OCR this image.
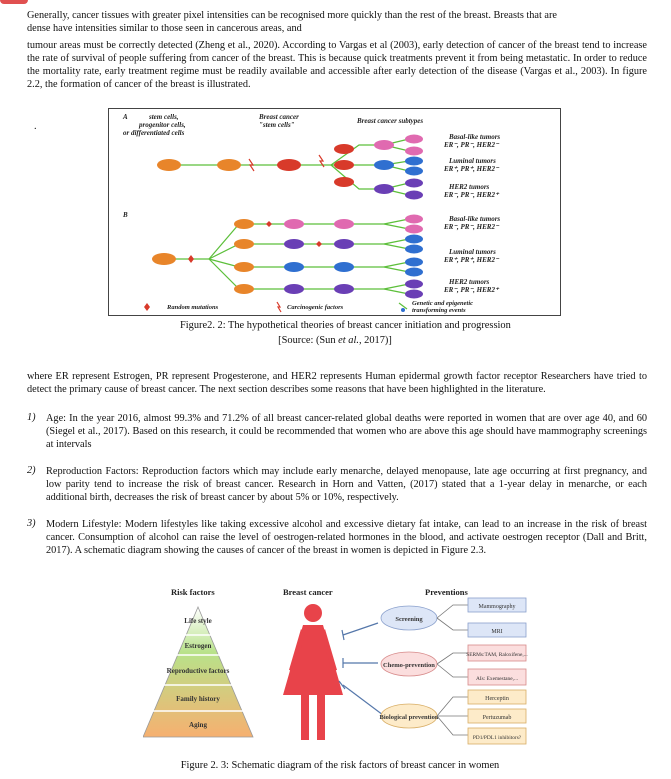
Generally, cancer tissues with greater pixel intensities can be recognised more quickly than the rest of the breast. Breasts that are
dense have intensities similar to those seen in cancerous areas, and
tumour areas must be correctly detected (Zheng et al., 2020). According to Vargas et al (2003), early detection of cancer of the breast tend to increase the rate of survival of people suffering from cancer of the breast. This is because quick treatments prevent it from being metastatic. In order to reduce the mortality rate, early treatment regime must be readily available and accessible after early detection of the disease (Vargas et al., 2003). In figure 2.2, the formation of cancer of the breast is illustrated.
.
A	stem cells,
progenitor cells,
or differentiated cells
Breast cancer
"stem cells"	Breast cancer subtypes
B
Basal-like tumors
ER⁻, PR⁻, HER2⁻
Luminal tumors
ER⁺, PR⁺, HER2⁻
HER2 tumors
ER⁻, PR⁻, HER2⁺
Basal-like tumors
ER⁻, PR⁻, HER2⁻
Luminal tumors
ER⁺, PR⁺, HER2⁻
HER2 tumors
ER⁻, PR⁻, HER2⁺
Random mutations	Carcinogenic factors
Genetic and epigenetic
transforming events
Figure2. 2: The hypothetical theories of breast cancer initiation and progression
[Source: (Sun et al., 2017)]
where ER represent Estrogen, PR represent Progesterone, and HER2 represents Human epidermal growth factor receptor Researchers have tried to detect the primary cause of breast cancer. The next section describes some reasons that have been highlighted in the literature.
1) Age: In the year 2016, almost 99.3% and 71.2% of all breast cancer-related global deaths were reported in women that are over age 40, and 60 (Siegel et al., 2017). Based on this research, it could be recommended that women who are above this age should have mammography screenings at intervals
2) Reproduction Factors: Reproduction factors which may include early menarche, delayed menopause, late age occurring at first pregnancy, and low parity tend to increase the risk of breast cancer. Research in Horn and Vatten, (2017) stated that a 1-year delay in menarche, or each additional birth, decreases the risk of breast cancer by about 5% or 10%, respectively.
3) Modern Lifestyle: Modern lifestyles like taking excessive alcohol and excessive dietary fat intake, can lead to an increase in the risk of breast cancer. Consumption of alcohol can raise the level of oestrogen-related hormones in the blood, and activate oestrogen receptor (Dall and Britt, 2017). A schematic diagram showing the causes of cancer of the breast in women is depicted in Figure 2.3.
Risk factors	Breast cancer	Preventions
Life style
Estrogen
Reproductive factors
Family history
Aging
Screening
Chemo-prevention
Biological prevention
Mammography
MRI
SERMs:TAM, Raloxifene,...
AIs: Exemestane,...
Herceptin
Pertuzumab
PD1/PDL1 inhibitors?
Figure 2. 3: Schematic diagram of the risk factors of breast cancer in women
